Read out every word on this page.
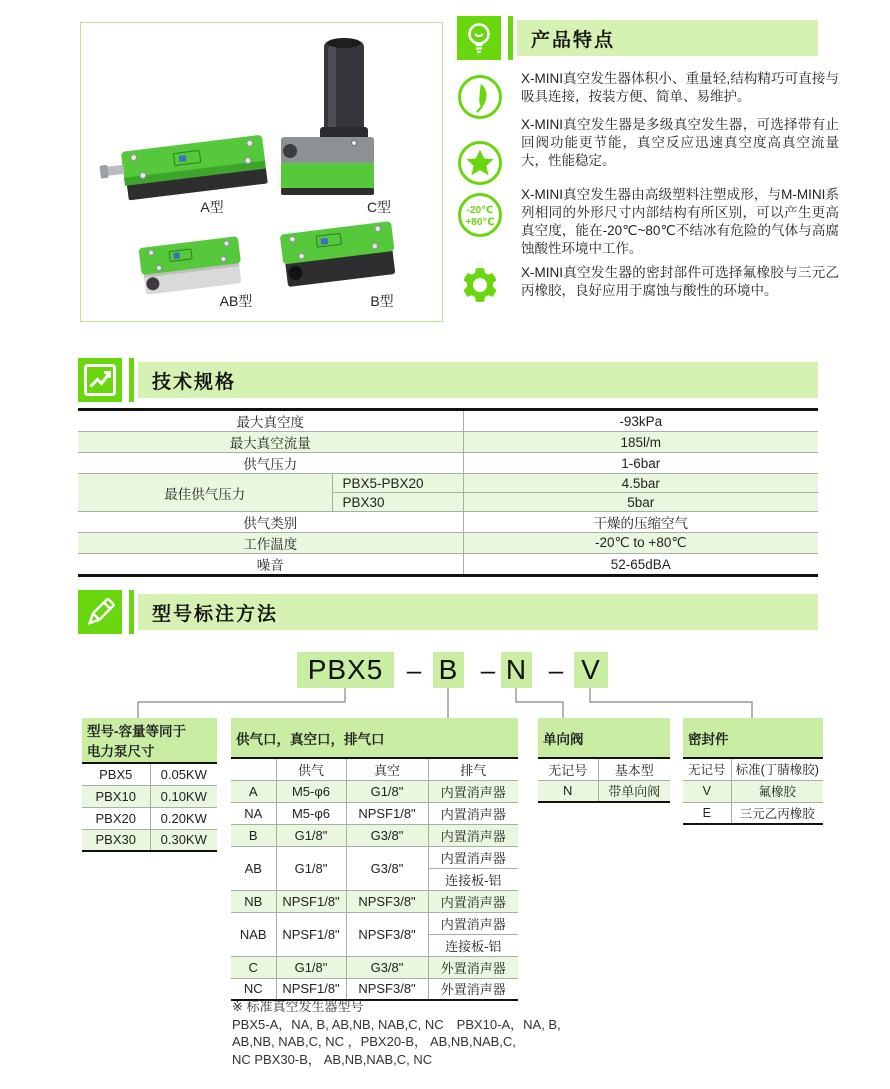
A型	C型
AB型	B型
产品特点
X-MINI真空发生器体积小、重量轻,结构精巧可直接与吸具连接，按装方便、简单、易维护。
X-MINI真空发生器是多级真空发生器，可选择带有止回阀功能更节能，真空反应迅速真空度高真空流量大，性能稳定。
-20℃
+80℃
X-MINI真空发生器由高级塑料注塑成形，与M-MINI系列相同的外形尺寸内部结构有所区别，可以产生更高真空度，能在-20℃~80℃不结冰有危险的气体与高腐蚀酸性环境中工作。
X-MINI真空发生器的密封部件可选择氟橡胶与三元乙丙橡胶，良好应用于腐蚀与酸性的环境中。
技术规格
最大真空度		-93kPa
最大真空流量		185l/m
供气压力		1-6bar
最佳供气压力	PBX5-PBX20	4.5bar
	PBX30	5bar
供气类别		干燥的压缩空气
工作温度		-20℃ to +80℃
噪音		52-65dBA
型号标注方法
PBX5 – B – N – V
型号-容量等同于
电力泵尺寸	

PBX5	0.05KW
PBX10	0.10KW
PBX20	0.20KW
PBX30	0.30KW
供气口，真空口，排气口			
	供气	真空	排气
A	M5-φ6	G1/8"	内置消声器
NA	M5-φ6	NPSF1/8"	内置消声器
B	G1/8"	G3/8"	内置消声器
AB	G1/8"	G3/8"	内置消声器
			连接板-铝
NB	NPSF1/8"	NPSF3/8"	内置消声器
NAB	NPSF1/8"	NPSF3/8"	内置消声器
			连接板-铝
C	G1/8"	G3/8"	外置消声器
NC	NPSF1/8"	NPSF3/8"	外置消声器
单向阀	
无记号	基本型
N	带单向阀
密封件	
无记号	标准(丁腈橡胶)
V	氟橡胶
E	三元乙丙橡胶
※ 标准真空发生器型号
PBX5-A，NA, B, AB,NB, NAB,C, NC　PBX10-A，NA, B,
AB,NB, NAB,C, NC ，PBX20-B， AB,NB,NAB,C,
NC PBX30-B， AB,NB,NAB,C, NC
